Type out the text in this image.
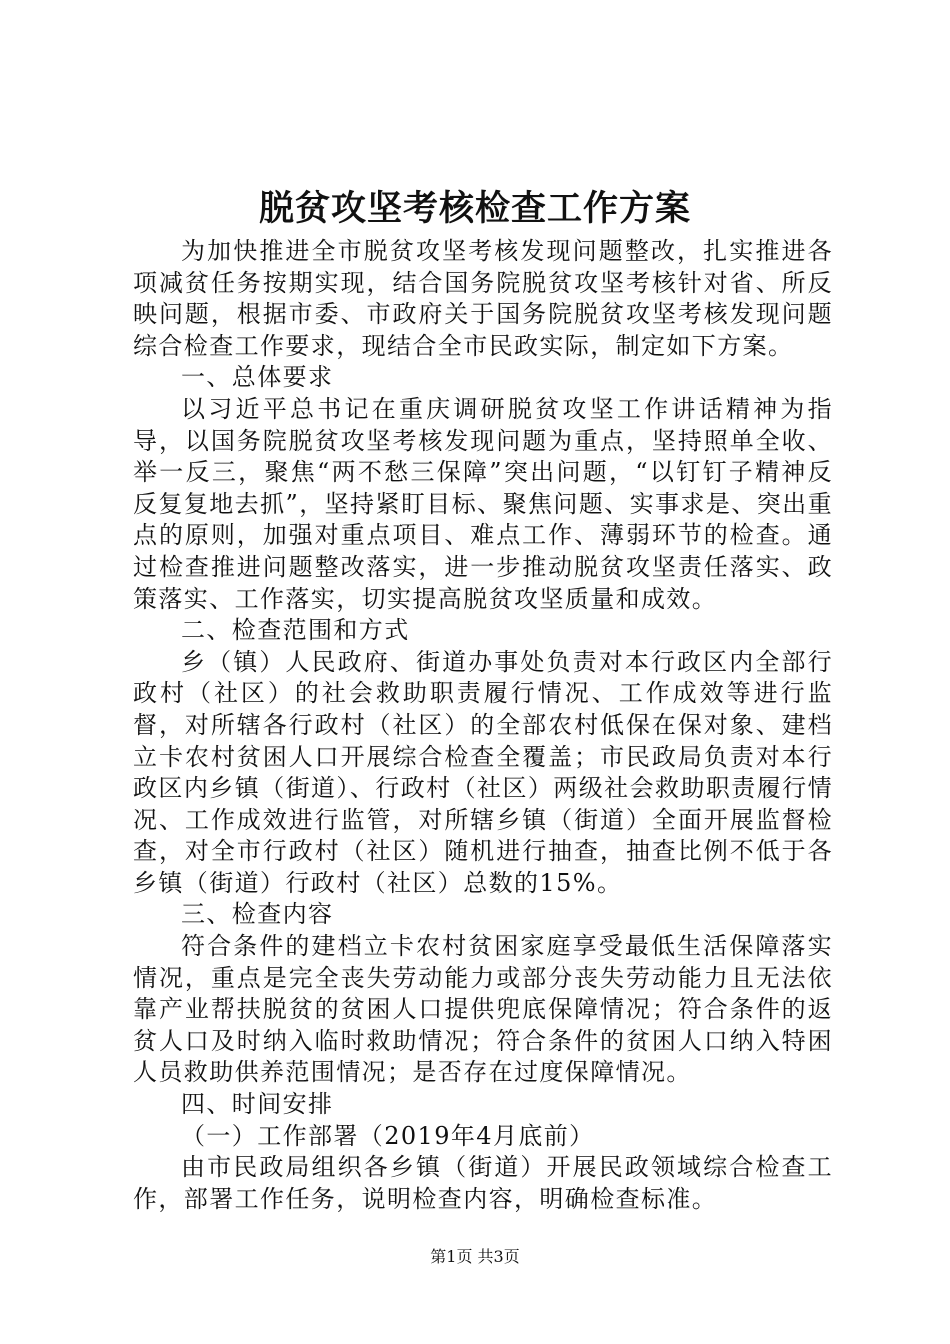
脱贫攻坚考核检查工作方案

为加快推进全市脱贫攻坚考核发现问题整改，扎实推进各项减贫任务按期实现，结合国务院脱贫攻坚考核针对省、所反映问题，根据市委、市政府关于国务院脱贫攻坚考核发现问题综合检查工作要求，现结合全市民政实际，制定如下方案。

一、总体要求

以习近平总书记在重庆调研脱贫攻坚工作讲话精神为指导，以国务院脱贫攻坚考核发现问题为重点，坚持照单全收、举一反三，聚焦“两不愁三保障”突出问题，“以钉钉子精神反反复复地去抓”，坚持紧盯目标、聚焦问题、实事求是、突出重点的原则，加强对重点项目、难点工作、薄弱环节的检查。通过检查推进问题整改落实，进一步推动脱贫攻坚责任落实、政策落实、工作落实，切实提高脱贫攻坚质量和成效。

二、检查范围和方式

乡（镇）人民政府、街道办事处负责对本行政区内全部行政村（社区）的社会救助职责履行情况、工作成效等进行监督，对所辖各行政村（社区）的全部农村低保在保对象、建档立卡农村贫困人口开展综合检查全覆盖；市民政局负责对本行政区内乡镇（街道）、行政村（社区）两级社会救助职责履行情况、工作成效进行监管，对所辖乡镇（街道）全面开展监督检查，对全市行政村（社区）随机进行抽查，抽查比例不低于各乡镇（街道）行政村（社区）总数的15%。

三、检查内容

符合条件的建档立卡农村贫困家庭享受最低生活保障落实情况，重点是完全丧失劳动能力或部分丧失劳动能力且无法依靠产业帮扶脱贫的贫困人口提供兜底保障情况；符合条件的返贫人口及时纳入临时救助情况；符合条件的贫困人口纳入特困人员救助供养范围情况；是否存在过度保障情况。

四、时间安排

（一）工作部署（2019年4月底前）

由市民政局组织各乡镇（街道）开展民政领域综合检查工作，部署工作任务，说明检查内容，明确检查标准。

第1页 共3页
